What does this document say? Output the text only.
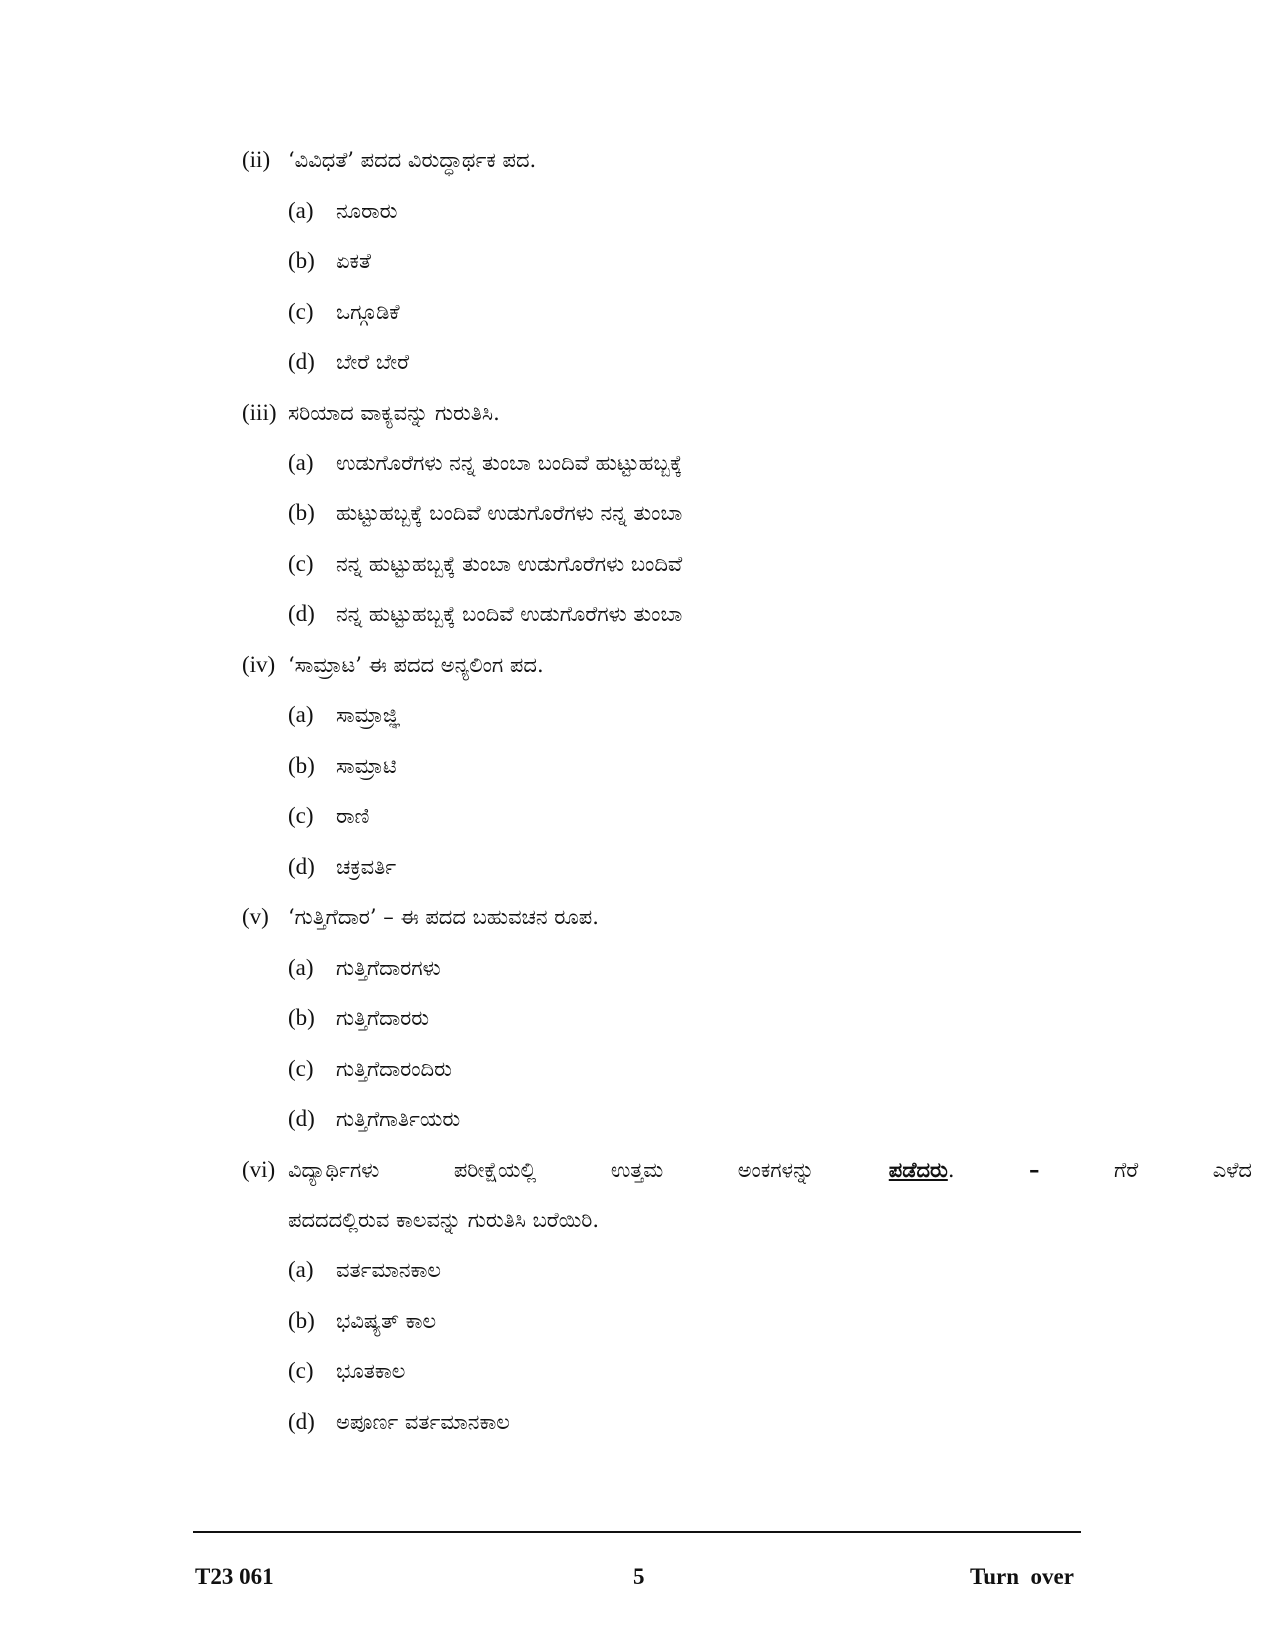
(ii) ‘ವಿವಿಧತೆ’ ಪದದ ವಿರುದ್ಧಾರ್ಥಕ ಪದ.
(a) ನೂರಾರು
(b) ಏಕತೆ
(c) ಒಗ್ಗೂಡಿಕೆ
(d) ಬೇರೆ ಬೇರೆ
(iii) ಸರಿಯಾದ ವಾಕ್ಯವನ್ನು ಗುರುತಿಸಿ.
(a) ಉಡುಗೊರೆಗಳು ನನ್ನ ತುಂಬಾ ಬಂದಿವೆ ಹುಟ್ಟುಹಬ್ಬಕ್ಕೆ
(b) ಹುಟ್ಟುಹಬ್ಬಕ್ಕೆ ಬಂದಿವೆ ಉಡುಗೊರೆಗಳು ನನ್ನ ತುಂಬಾ
(c) ನನ್ನ ಹುಟ್ಟುಹಬ್ಬಕ್ಕೆ ತುಂಬಾ ಉಡುಗೊರೆಗಳು ಬಂದಿವೆ
(d) ನನ್ನ ಹುಟ್ಟುಹಬ್ಬಕ್ಕೆ ಬಂದಿವೆ ಉಡುಗೊರೆಗಳು ತುಂಬಾ
(iv) ‘ಸಾಮ್ರಾಟ’ ಈ ಪದದ ಅನ್ಯಲಿಂಗ ಪದ.
(a) ಸಾಮ್ರಾಜ್ಞಿ
(b) ಸಾಮ್ರಾಟಿ
(c) ರಾಣಿ
(d) ಚಕ್ರವರ್ತಿ
(v) ‘ಗುತ್ತಿಗೆದಾರ’ – ಈ ಪದದ ಬಹುವಚನ ರೂಪ.
(a) ಗುತ್ತಿಗೆದಾರಗಳು
(b) ಗುತ್ತಿಗೆದಾರರು
(c) ಗುತ್ತಿಗೆದಾರಂದಿರು
(d) ಗುತ್ತಿಗೆಗಾರ್ತಿಯರು
(vi) ವಿದ್ಯಾರ್ಥಿಗಳು	ಪರೀಕ್ಷೆಯಲ್ಲಿ	ಉತ್ತಮ	ಅಂಕಗಳನ್ನು	ಪಡೆದರು.	–	ಗೆರೆ	ಎಳೆದ
ಪದದದಲ್ಲಿರುವ ಕಾಲವನ್ನು ಗುರುತಿಸಿ ಬರೆಯಿರಿ.
(a) ವರ್ತಮಾನಕಾಲ
(b) ಭವಿಷ್ಯತ್ ಕಾಲ
(c) ಭೂತಕಾಲ
(d) ಅಪೂರ್ಣ ವರ್ತಮಾನಕಾಲ
T23 061	5	Turn  over
